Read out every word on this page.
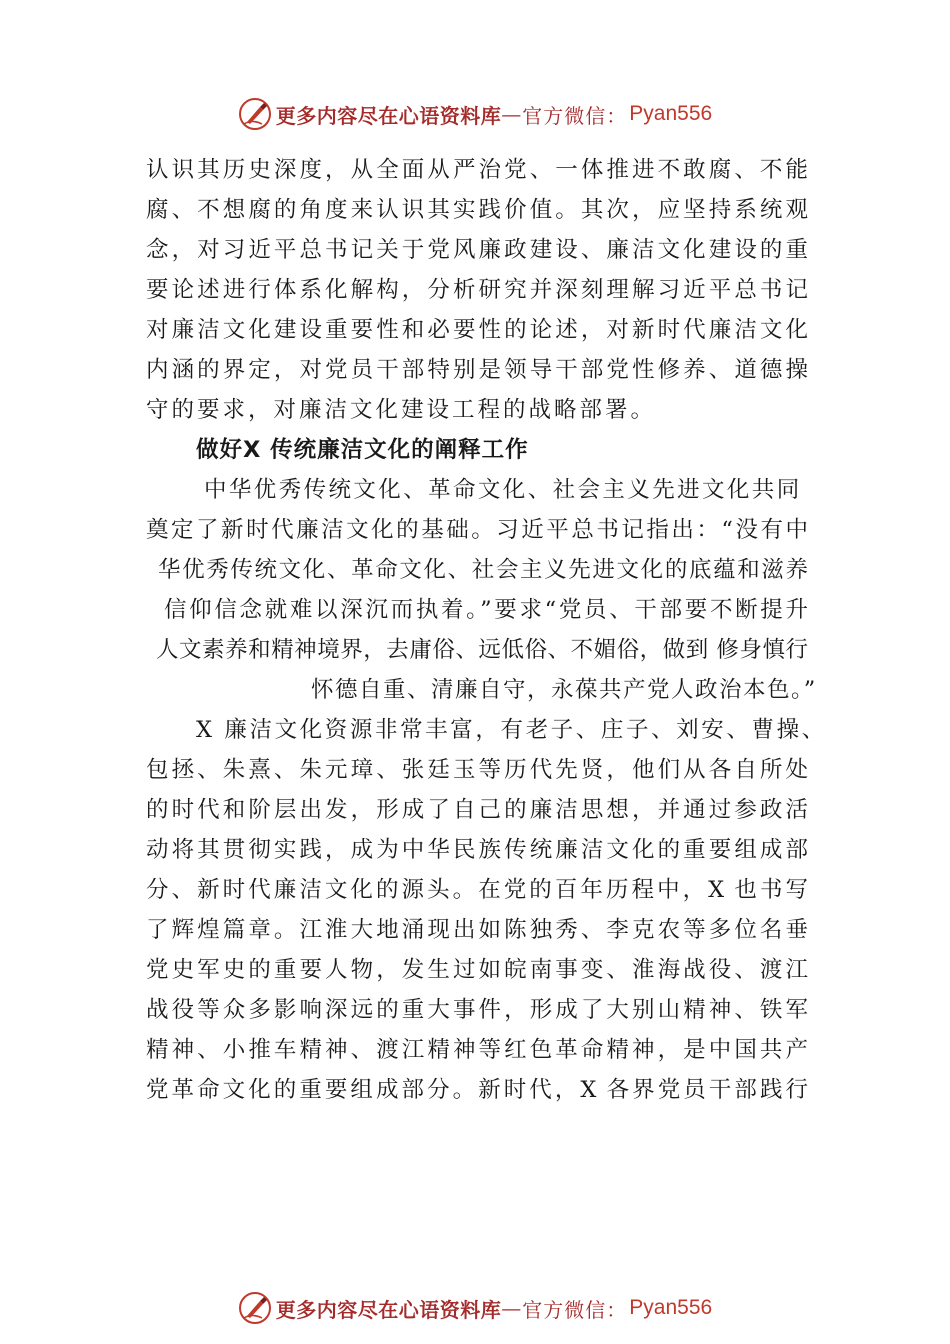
更多内容尽在心语资料库 — 官方微信： Pyan556
认识其历史深度，从全面从严治党、一体推进不敢腐、不能
腐、不想腐的角度来认识其实践价值。其次，应坚持系统观
念，对习近平总书记关于党风廉政建设、廉洁文化建设的重
要论述进行体系化解构，分析研究并深刻理解习近平总书记
对廉洁文化建设重要性和必要性的论述，对新时代廉洁文化
内涵的界定，对党员干部特别是领导干部党性修养、道德操
守的要求，对廉洁文化建设工程的战略部署。
做好X 传统廉洁文化的阐释工作
中华优秀传统文化、革命文化、社会主义先进文化共同
奠定了新时代廉洁文化的基础。习近平总书记指出：“没有中
华优秀传统文化、革命文化、社会主义先进文化的底蕴和滋养
信仰信念就难以深沉而执着。”要求“党员、干部要不断提升
人文素养和精神境界，去庸俗、远低俗、不媚俗，做到 修身慎行
怀德自重、清廉自守，永葆共产党人政治本色。”
X 廉洁文化资源非常丰富，有老子、庄子、刘安、曹操、
包拯、朱熹、朱元璋、张廷玉等历代先贤，他们从各自所处
的时代和阶层出发，形成了自己的廉洁思想，并通过参政活
动将其贯彻实践，成为中华民族传统廉洁文化的重要组成部
分、新时代廉洁文化的源头。在党的百年历程中，X 也书写
了辉煌篇章。江淮大地涌现出如陈独秀、李克农等多位名垂
党史军史的重要人物，发生过如皖南事变、淮海战役、渡江
战役等众多影响深远的重大事件，形成了大别山精神、铁军
精神、小推车精神、渡江精神等红色革命精神，是中国共产
党革命文化的重要组成部分。新时代，X 各界党员干部践行
更多内容尽在心语资料库 — 官方微信： Pyan556
